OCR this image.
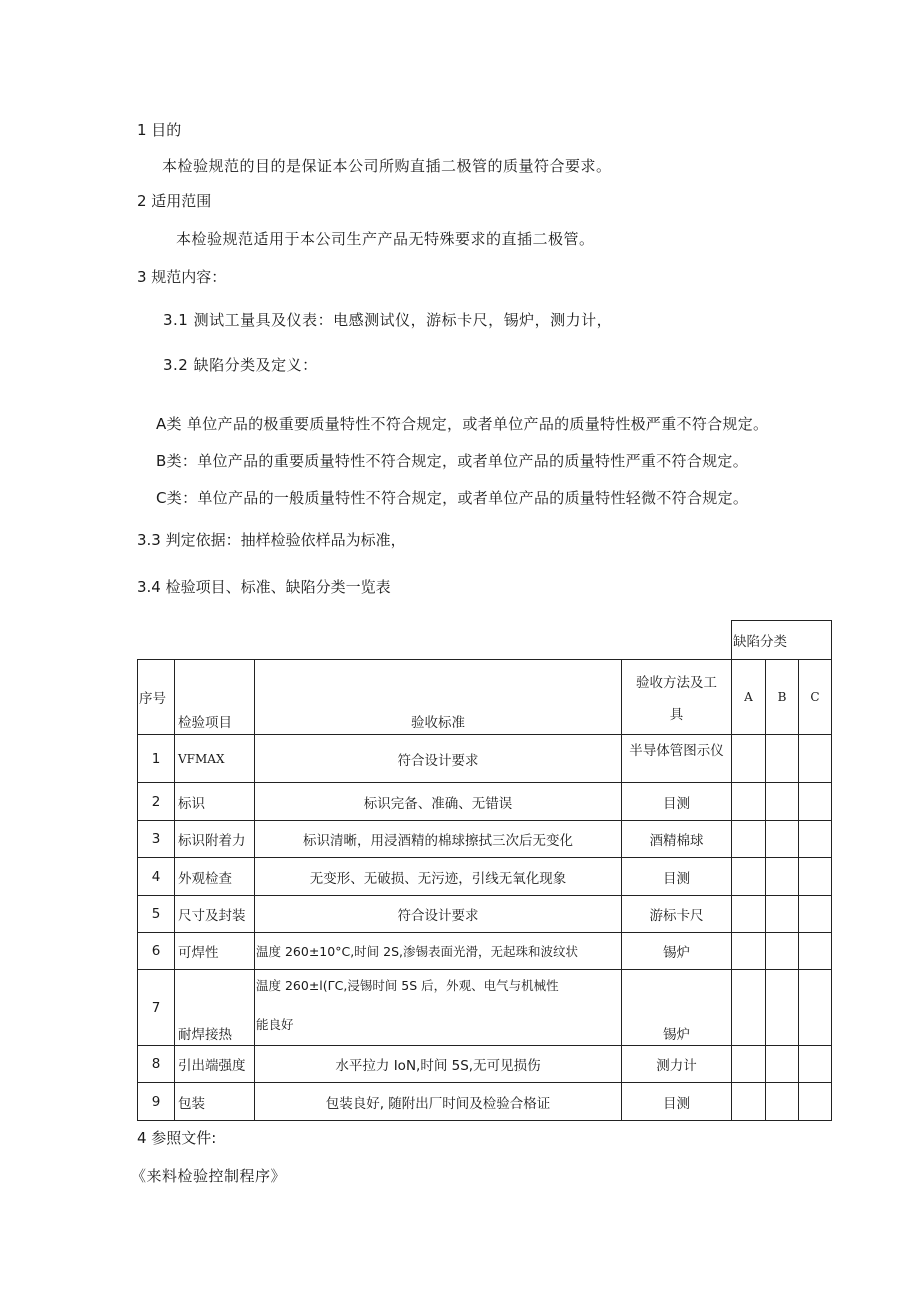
1 目的
本检验规范的目的是保证本公司所购直插二极管的质量符合要求。
2 适用范围
本检验规范适用于本公司生产产品无特殊要求的直插二极管。
3 规范内容：
3.1 测试工量具及仪表：电感测试仪，游标卡尺，锡炉，测力计，
3.2 缺陷分类及定义：
A类 单位产品的极重要质量特性不符合规定，或者单位产品的质量特性极严重不符合规定。
B类：单位产品的重要质量特性不符合规定，或者单位产品的质量特性严重不符合规定。
C类：单位产品的一般质量特性不符合规定，或者单位产品的质量特性轻微不符合规定。
3.3 判定依据：抽样检验依样品为标准，
3.4 检验项目、标准、缺陷分类一览表
				缺陷分类		
序号	检验项目	验收标准	验收方法及工
具	A	B	C
1	VFMAX	符合设计要求	半导体管图示仪			
2	标识	标识完备、准确、无错误	目测			
3	标识附着力	标识清晰，用浸酒精的棉球擦拭三次后无变化	酒精棉球			
4	外观检查	无变形、无破损、无污迹，引线无氧化现象	目测			
5	尺寸及封装	符合设计要求	游标卡尺			
6	可焊性	温度 260±10°C,时间 2S,渗锡表面光滑，无起珠和波纹状	锡炉			
7	耐焊接热	温度 260±l(ΓC,浸锡时间 5S 后，外观、电气与机械性
能良好	锡炉			
8	引出端强度	水平拉力 IoN,时间 5S,无可见损伤	测力计			
9	包装	包装良好, 随附出厂时间及检验合格证	目测			
4 参照文件:
《来料检验控制程序》
